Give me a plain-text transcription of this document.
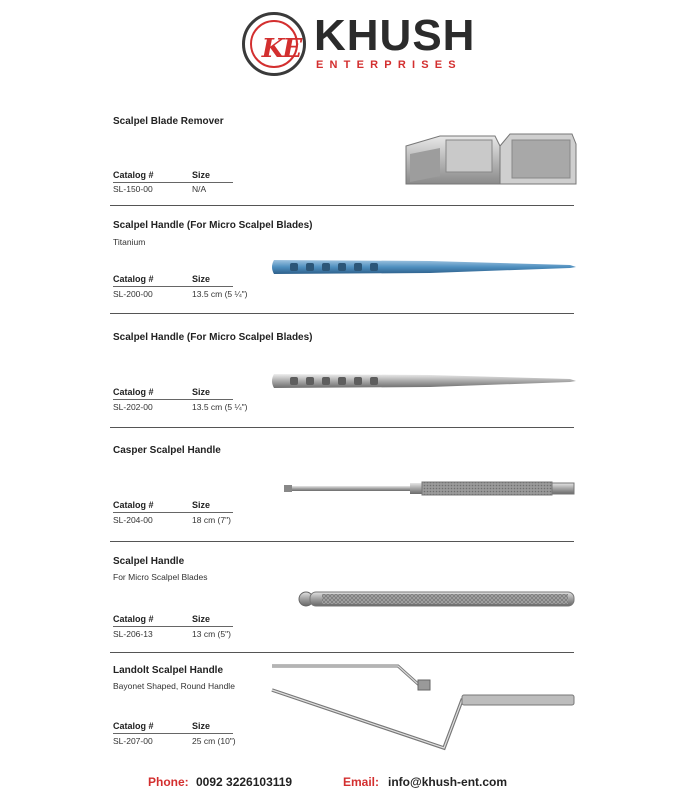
KE KHUSH
ENTERPRISES
Scalpel Blade Remover
Catalog #	Size
SL-150-00	N/A
Scalpel Handle (For Micro Scalpel Blades)
Titanium
Catalog #	Size
SL-200-00	13.5 cm (5 ¼")
Scalpel Handle (For Micro Scalpel Blades)
Catalog #	Size
SL-202-00	13.5 cm (5 ¼")
Casper Scalpel Handle
Catalog #	Size
SL-204-00	18 cm (7")
Scalpel Handle
For Micro Scalpel Blades
Catalog #	Size
SL-206-13	13 cm (5")
Landolt Scalpel Handle
Bayonet Shaped, Round Handle
Catalog #	Size
SL-207-00	25 cm (10")
Phone: 0092 3226103119	Email: info@khush-ent.com
